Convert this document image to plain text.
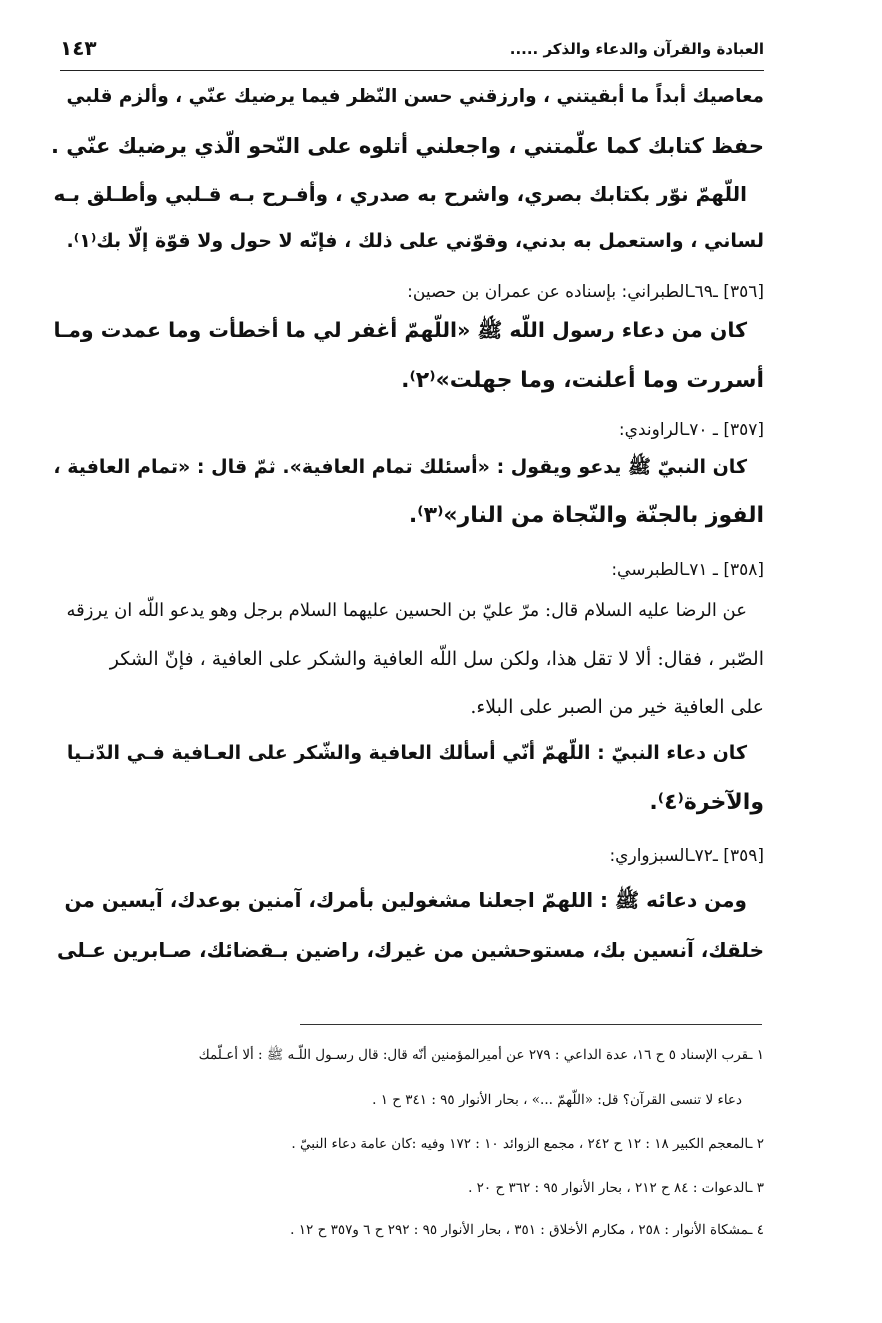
العبادة والقرآن والدعاء والذكر .....
١٤٣
معاصيك أبداً ما أبقيتني ، وارزقني حسن النّظر فيما يرضيك عنّي ، وألزم قلبي
حفظ كتابك كما علّمتني ، واجعلني أتلوه على النّحو الّذي يرضيك عنّي .
اللّهمّ نوّر بكتابك بصري، واشرح به صدري ، وأفـرح بـه قـلبي وأطـلق بـه
لساني ، واستعمل به بدني، وقوّني على ذلك ، فإنّه لا حول ولا قوّة إلّا بك⁽١⁾.
[٣٥٦] ـ٦٩ـالطبراني: بإسناده عن عمران بن حصين:
كان من دعاء رسول اللّه ﷺ «اللّهمّ أغفر لي ما أخطأت وما عمدت ومـا
أسررت وما أعلنت، وما جهلت»⁽٢⁾.
[٣٥٧] ـ ٧٠ـالراوندي:
كان النبيّ ﷺ يدعو ويقول : «أسئلك تمام العافية». ثمّ قال : «تمام العافية ،
الفوز بالجنّة والنّجاة من النار»⁽٣⁾.
[٣٥٨] ـ ٧١ـالطبرسي:
عن الرضا عليه السلام قال: مرّ عليّ بن الحسين عليهما السلام برجل وهو يدعو اللّه ان يرزقه
الصّبر ، فقال: ألا لا تقل هذا، ولكن سل اللّه العافية والشكر على العافية ، فإنّ الشكر
على العافية خير من الصبر على البلاء.
كان دعاء النبيّ : اللّهمّ أنّي أسألك العافية والشّكر على العـافية فـي الدّنـيا
والآخرة⁽٤⁾.
[٣٥٩] ـ٧٢ـالسبزواري:
ومن دعائه ﷺ : اللهمّ اجعلنا مشغولين بأمرك، آمنين بوعدك، آيسين من
خلقك، آنسين بك، مستوحشين من غيرك، راضين بـقضائك، صـابرين عـلى
١ ـقرب الإسناد ٥ ح ١٦، عدة الداعي : ٢٧٩ عن أميرالمؤمنين أنّه قال: قال رسـول اللّـه ﷺ : ألا أعـلّمك
دعاء لا تنسى القرآن؟ قل: «اللّهمّ ...» ، بحار الأنوار ٩٥ : ٣٤١ ح ١ .
٢ ـالمعجم الكبير ١٨ : ١٢ ح ٢٤٢ ، مجمع الزوائد ١٠ : ١٧٢ وفيه :كان عامة دعاء النبيّ .
٣ ـالدعوات : ٨٤ ح ٢١٢ ، بحار الأنوار ٩٥ : ٣٦٢ ح ٢٠ .
٤ ـمشكاة الأنوار : ٢٥٨ ، مكارم الأخلاق : ٣٥١ ، بحار الأنوار ٩٥ : ٢٩٢ ح ٦ و٣٥٧ ح ١٢ .
